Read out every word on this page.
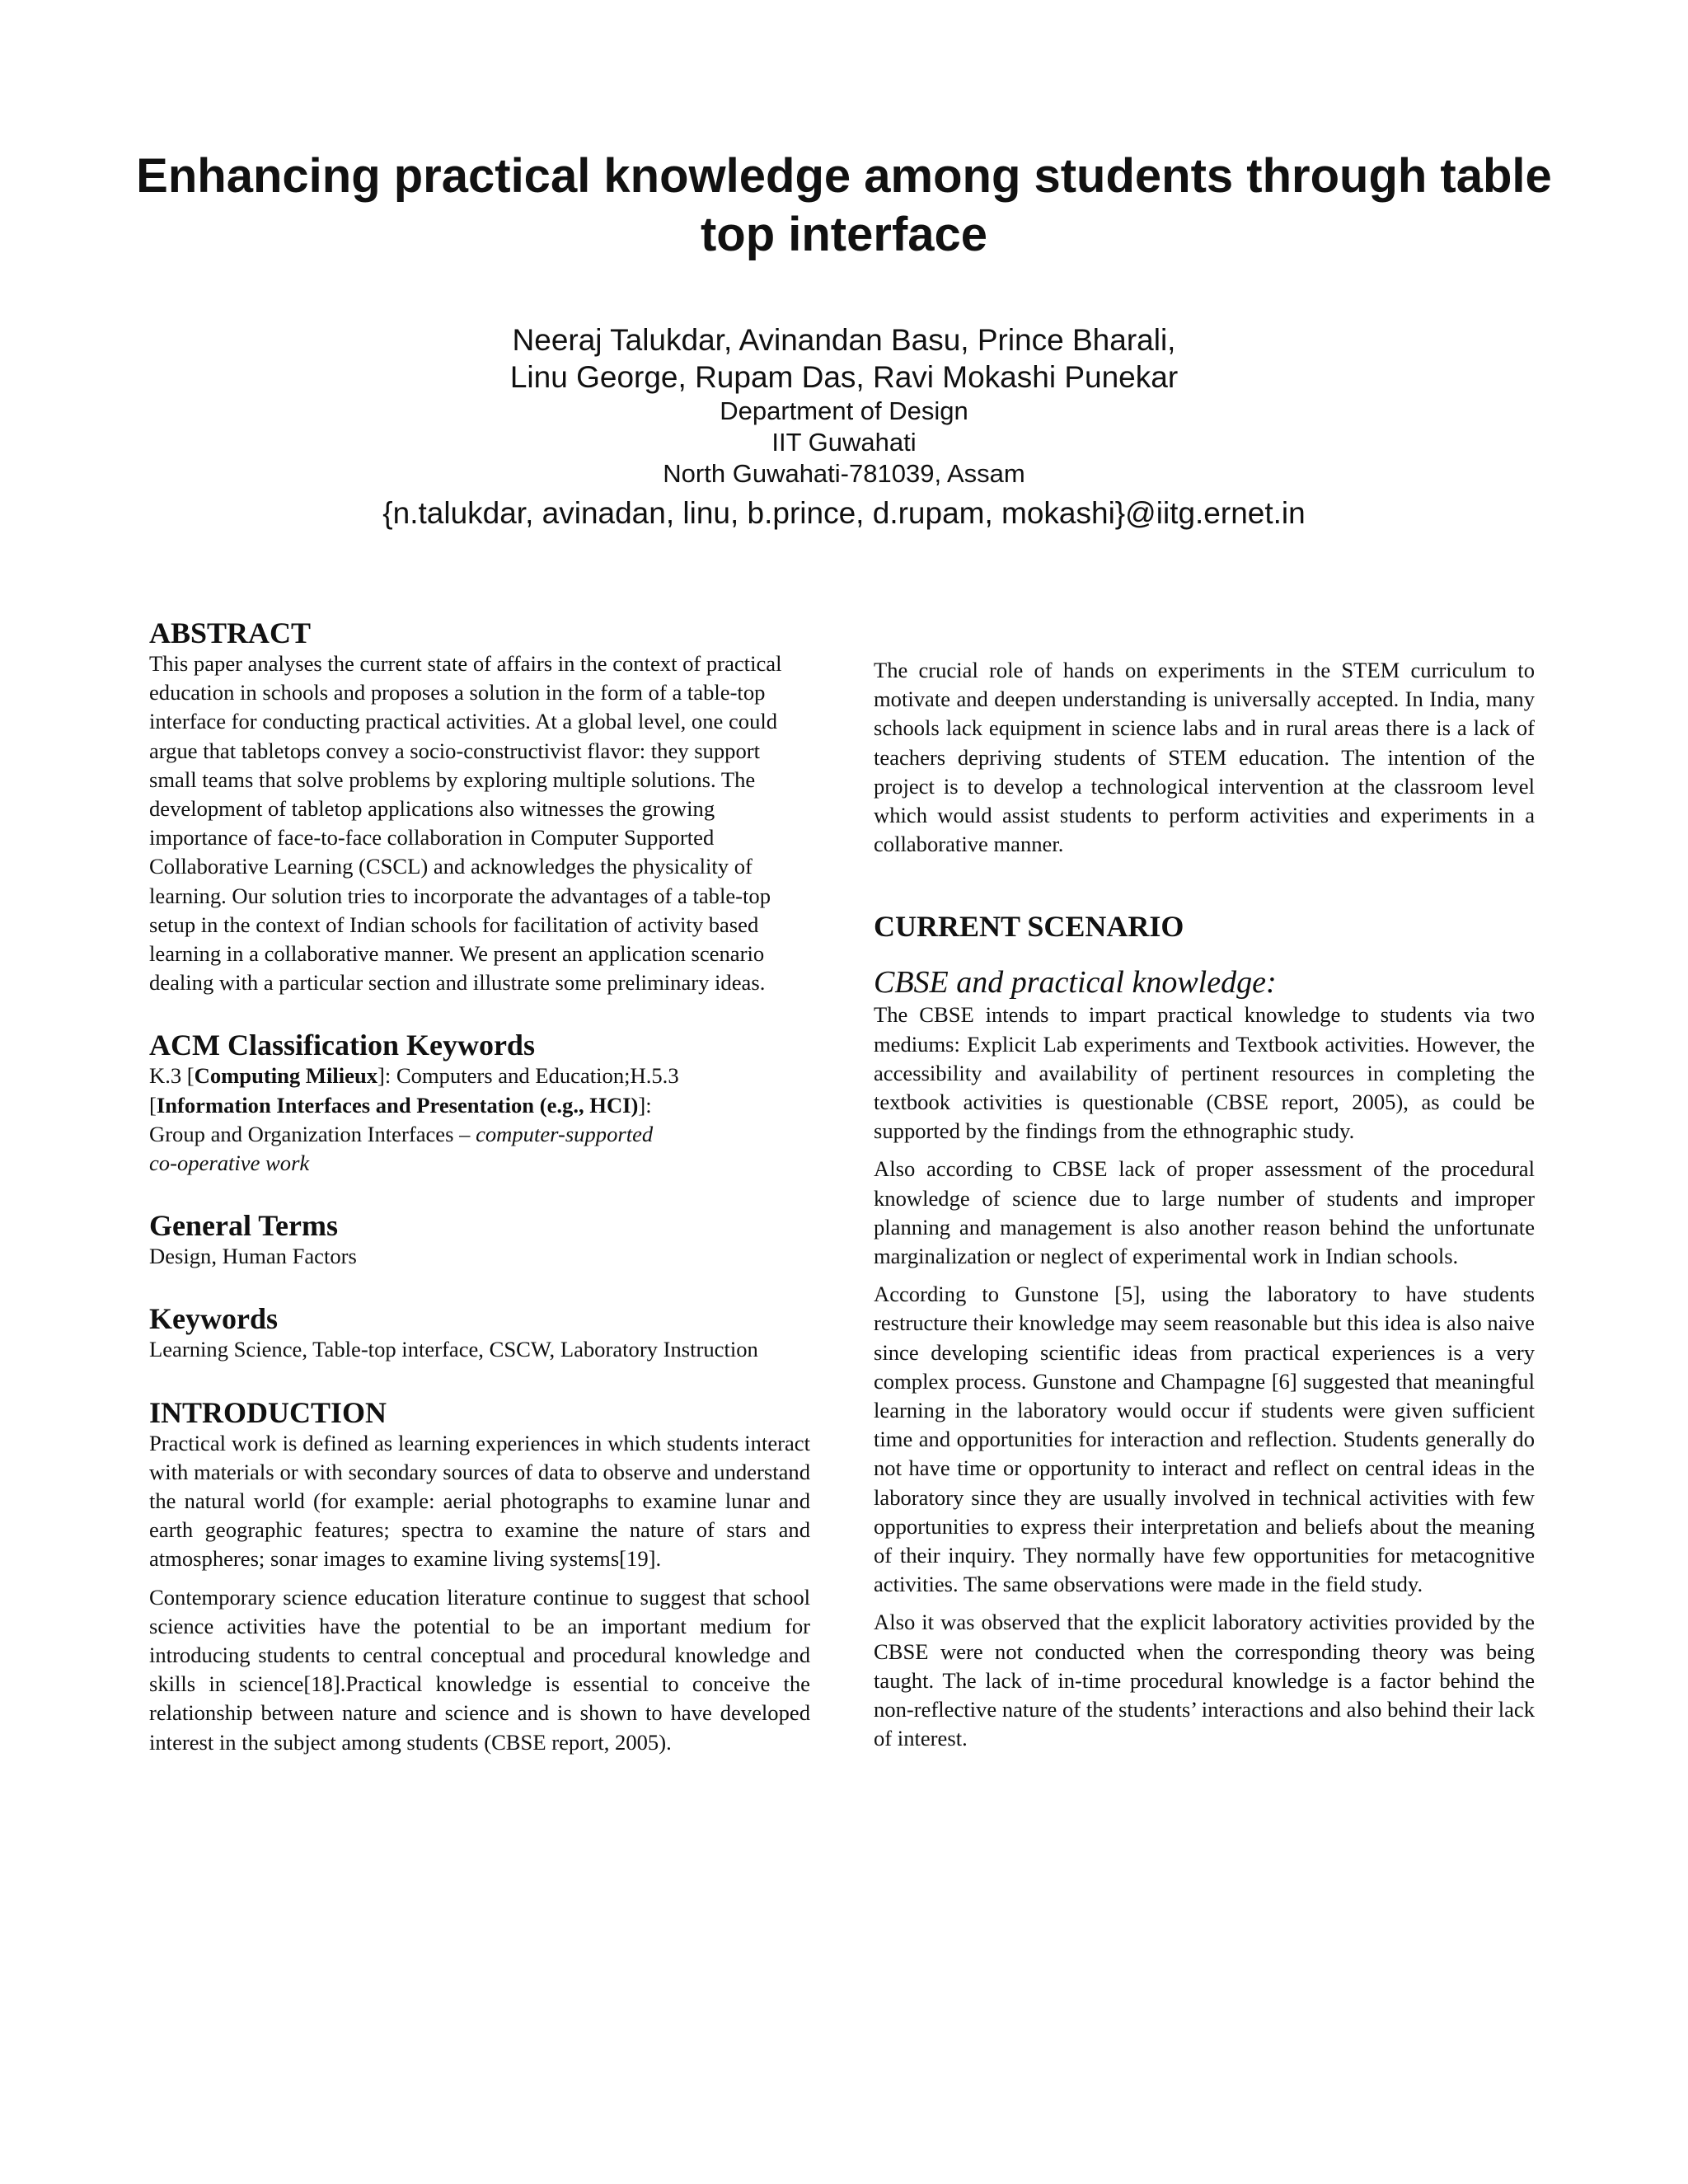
Enhancing practical knowledge among students through table top interface

Neeraj Talukdar, Avinandan Basu, Prince Bharali,

Linu George, Rupam Das, Ravi Mokashi Punekar

Department of Design

IIT Guwahati

North Guwahati-781039, Assam

{n.talukdar, avinadan, linu, b.prince, d.rupam, mokashi}@iitg.ernet.in

ABSTRACT

This paper analyses the current state of affairs in the context of practical education in schools and proposes a solution in the form of a table-top interface for conducting practical activities. At a global level, one could argue that tabletops convey a socio-constructivist flavor: they support small teams that solve problems by exploring multiple solutions. The development of tabletop applications also witnesses the growing importance of face-to-face collaboration in Computer Supported Collaborative Learning (CSCL) and acknowledges the physicality of learning. Our solution tries to incorporate the advantages of a table-top setup in the context of Indian schools for facilitation of activity based learning in a collaborative manner. We present an application scenario dealing with a particular section and illustrate some preliminary ideas.

ACM Classification Keywords

K.3 [Computing Milieux]: Computers and Education;H.5.3
[Information Interfaces and Presentation (e.g., HCI)]:
Group and Organization Interfaces – computer-supported
co-operative work

General Terms

Design, Human Factors

Keywords

Learning Science, Table-top interface, CSCW, Laboratory Instruction

INTRODUCTION

Practical work is defined as learning experiences in which students interact with materials or with secondary sources of data to observe and understand the natural world (for example: aerial photographs to examine lunar and earth geographic features; spectra to examine the nature of stars and atmospheres; sonar images to examine living systems[19].

Contemporary science education literature continue to suggest that school science activities have the potential to be an important medium for introducing students to central conceptual and procedural knowledge and skills in science[18].Practical knowledge is essential to conceive the relationship between nature and science and is shown to have developed interest in the subject among students (CBSE report, 2005).

The crucial role of hands on experiments in the STEM curriculum to motivate and deepen understanding is universally accepted. In India, many schools lack equipment in science labs and in rural areas there is a lack of teachers depriving students of STEM education. The intention of the project is to develop a technological intervention at the classroom level which would assist students to perform activities and experiments in a collaborative manner.

CURRENT SCENARIO
CBSE and practical knowledge:

The CBSE intends to impart practical knowledge to students via two mediums: Explicit Lab experiments and Textbook activities. However, the accessibility and availability of pertinent resources in completing the textbook activities is questionable (CBSE report, 2005), as could be supported by the findings from the ethnographic study.

Also according to CBSE lack of proper assessment of the procedural knowledge of science due to large number of students and improper planning and management is also another reason behind the unfortunate marginalization or neglect of experimental work in Indian schools.

According to Gunstone [5], using the laboratory to have students restructure their knowledge may seem reasonable but this idea is also naive since developing scientific ideas from practical experiences is a very complex process. Gunstone and Champagne [6] suggested that meaningful learning in the laboratory would occur if students were given sufficient time and opportunities for interaction and reflection. Students generally do not have time or opportunity to interact and reflect on central ideas in the laboratory since they are usually involved in technical activities with few opportunities to express their interpretation and beliefs about the meaning of their inquiry. They normally have few opportunities for metacognitive activities. The same observations were made in the field study.

Also it was observed that the explicit laboratory activities provided by the CBSE were not conducted when the corresponding theory was being taught. The lack of in-time procedural knowledge is a factor behind the non-reflective nature of the students’ interactions and also behind their lack of interest.
